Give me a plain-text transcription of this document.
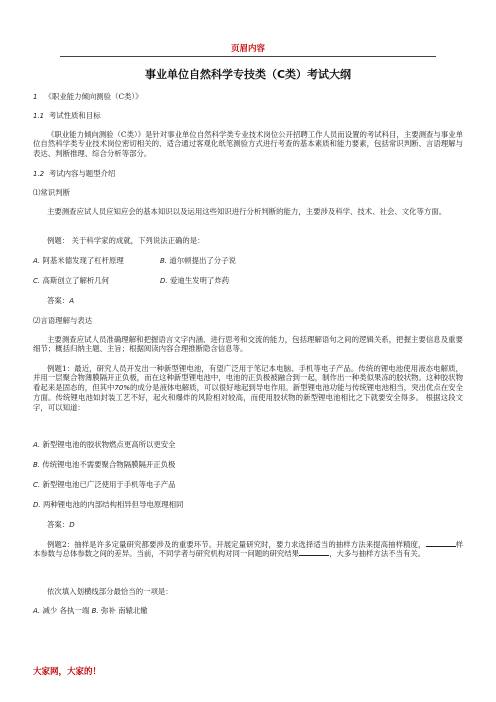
页眉内容
事业单位自然科学专技类（C类）考试大纲
1 《职业能力倾向测验（C类）》
1.1 考试性质和目标
《职业能力倾向测验（C类）》是针对事业单位自然科学类专业技术岗位公开招聘工作人员而设置的考试科目，主要测查与事业单位自然科学类专业技术岗位密切相关的、适合通过客观化纸笔测验方式进行考查的基本素质和能力要素，包括常识判断、言语理解与表达、判断推理、综合分析等部分。
1.2 考试内容与题型介绍
⑴常识判断
主要测查应试人员应知应会的基本知识以及运用这些知识进行分析判断的能力，主要涉及科学、技术、社会、文化等方面。
例题： 关于科学家的成就，下列说法正确的是：
A. 阿基米德发现了杠杆原理	B. 道尔顿提出了分子说
C. 高斯创立了解析几何	D. 爱迪生发明了炸药
答案：A
⑵言语理解与表达
主要测查应试人员准确理解和把握语言文字内涵、进行思考和交流的能力，包括理解语句之间的逻辑关系，把握主要信息及重要细节；概括归纳主题、主旨；根据阅读内容合理推断隐含信息等。
例题1：最近，研究人员开发出一种新型锂电池，有望广泛用于笔记本电脑、手机等电子产品。传统的锂电池使用液态电解质，并用一层聚合物薄膜隔开正负极，而在这种新型锂电池中，电池的正负极被融合到一起，制作出一种类似果冻的胶状物。这种胶状物看起来是固态的，但其中70%的成分是液体电解质，可以很好地起到导电作用。新型锂电池功能与传统锂电池相当，突出优点在安全方面。传统锂电池如封装工艺不好，起火和爆炸的风险相对较高，而使用胶状物的新型锂电池相比之下就要安全得多。 根据这段文字，可以知道：
A. 新型锂电池的胶状物燃点更高所以更安全
B. 传统锂电池不需要聚合物隔膜隔开正负极
C. 新型锂电池已广泛使用于手机等电子产品
D. 两种锂电池的内部结构相异但导电原理相同
答案：D
例题2：抽样是许多定量研究都要涉及的重要环节。开展定量研究时，要力求选择适当的抽样方法来提高抽样精度，	样本参数与总体参数之间的差异。当前，不同学者与研究机构对同一问题的研究结果	，大多与抽样方法不当有关。
依次填入划横线部分最恰当的一项是：
A. 减少 各执一端 B. 弥补 南辕北辙
大家网，大家的！
